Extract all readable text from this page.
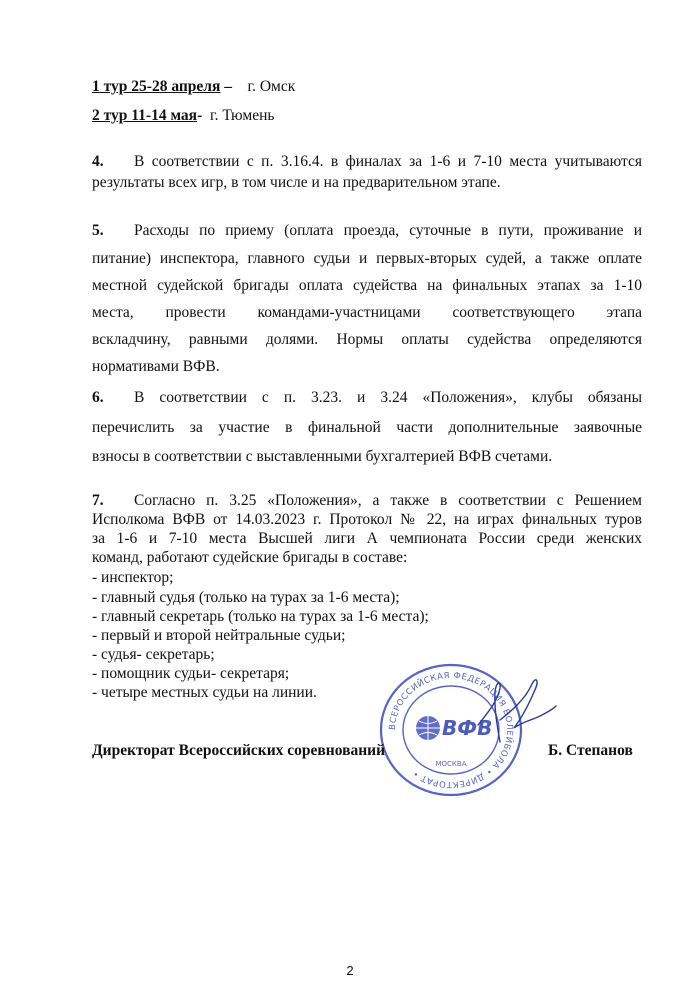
1 тур 25-28 апреля – г. Омск
2 тур 11-14 мая- г. Тюмень
4. В соответствии с п. 3.16.4. в финалах за 1-6 и 7-10 места учитываются
результаты всех игр, в том числе и на предварительном этапе.
5. Расходы по приему (оплата проезда, суточные в пути, проживание и
питание) инспектора, главного судьи и первых-вторых судей, а также оплате
местной судейской бригады оплата судейства на финальных этапах за 1-10
места, провести командами-участницами соответствующего этапа
вскладчину, равными долями. Нормы оплаты судейства определяются
нормативами ВФВ.
6. В соответствии с п. 3.23. и 3.24 «Положения», клубы обязаны
перечислить за участие в финальной части дополнительные заявочные
взносы в соответствии с выставленными бухгалтерией ВФВ счетами.
7. Согласно п. 3.25 «Положения», а также в соответствии с Решением
Исполкома ВФВ от 14.03.2023 г. Протокол № 22, на играх финальных туров
за 1-6 и 7-10 места Высшей лиги А чемпионата России среди женских
команд, работают судейские бригады в составе:
- инспектор;
- главный судья (только на турах за 1-6 места);
- главный секретарь (только на турах за 1-6 места);
- первый и второй нейтральные судьи;
- судья- секретарь;
- помощник судьи- секретаря;
- четыре местных судьи на линии.
ВСЕРОССИЙСКАЯ ФЕДЕРАЦИЯ ВОЛЕЙБОЛА • ДИРЕКТОРАТ •
ВФВ
МОСКВА
Директорат Всероссийских соревнований	Б. Степанов
2
